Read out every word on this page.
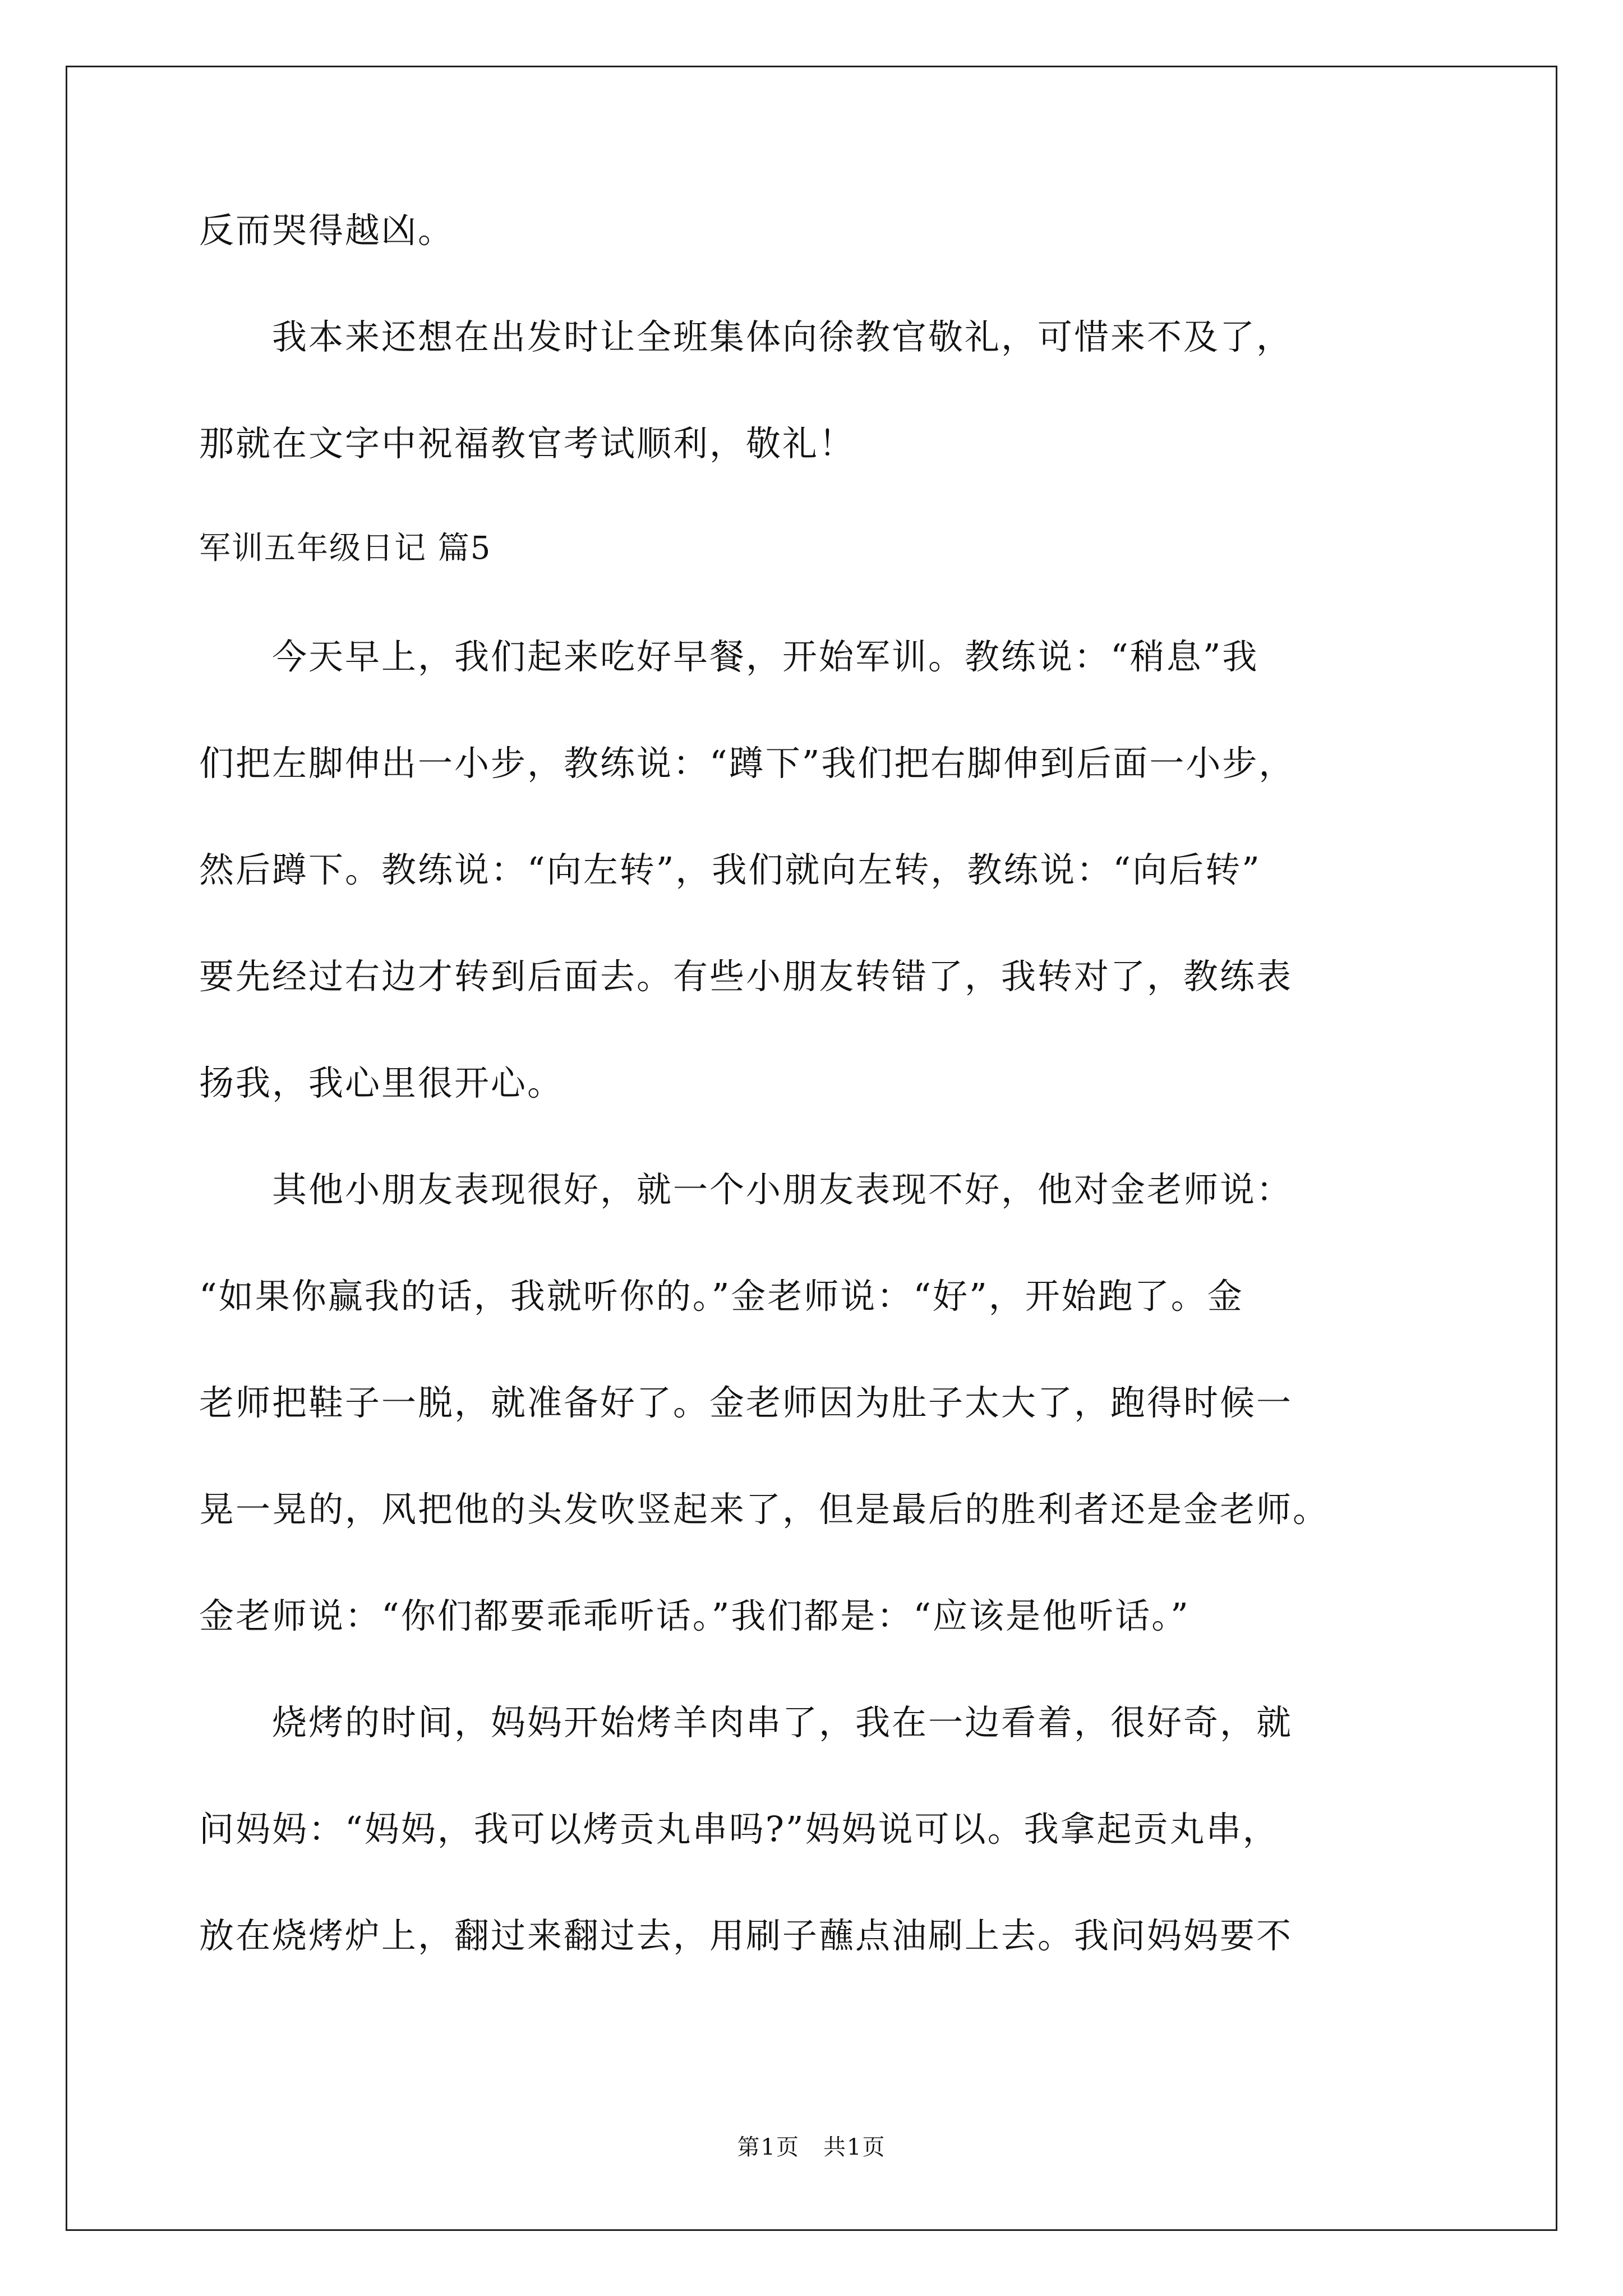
反而哭得越凶。
　　我本来还想在出发时让全班集体向徐教官敬礼，可惜来不及了，
那就在文字中祝福教官考试顺利，敬礼！
军训五年级日记 篇5
　　今天早上，我们起来吃好早餐，开始军训。教练说：“稍息”我
们把左脚伸出一小步，教练说：“蹲下”我们把右脚伸到后面一小步，
然后蹲下。教练说：“向左转”，我们就向左转，教练说：“向后转”
要先经过右边才转到后面去。有些小朋友转错了，我转对了，教练表
扬我，我心里很开心。
　　其他小朋友表现很好，就一个小朋友表现不好，他对金老师说：
“如果你赢我的话，我就听你的。”金老师说：“好”，开始跑了。金
老师把鞋子一脱，就准备好了。金老师因为肚子太大了，跑得时候一
晃一晃的，风把他的头发吹竖起来了，但是最后的胜利者还是金老师。
金老师说：“你们都要乖乖听话。”我们都是：“应该是他听话。”
　　烧烤的时间，妈妈开始烤羊肉串了，我在一边看着，很好奇，就
问妈妈：“妈妈，我可以烤贡丸串吗?”妈妈说可以。我拿起贡丸串，
放在烧烤炉上，翻过来翻过去，用刷子蘸点油刷上去。我问妈妈要不
第1页　共1页
